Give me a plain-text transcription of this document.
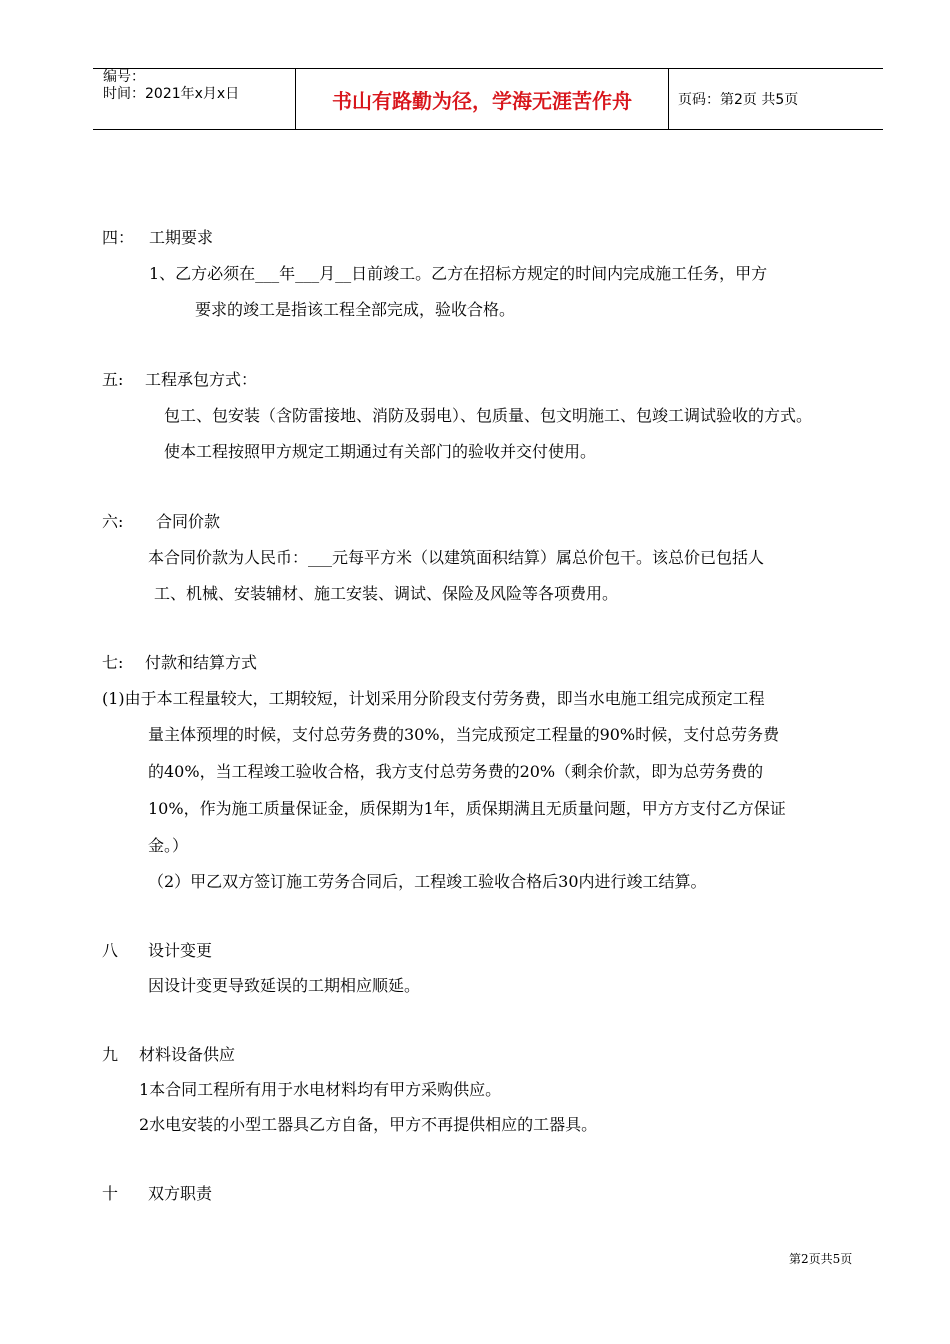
编号：
时间：2021年x月x日	书山有路勤为径，学海无涯苦作舟	页码：第2页 共5页
四： 工期要求
1、乙方必须在___年___月__日前竣工。乙方在招标方规定的时间内完成施工任务，甲方
要求的竣工是指该工程全部完成，验收合格。
五: 工程承包方式：
包工、包安装（含防雷接地、消防及弱电）、包质量、包文明施工、包竣工调试验收的方式。
使本工程按照甲方规定工期通过有关部门的验收并交付使用。
六: 合同价款
本合同价款为人民币：___元每平方米（以建筑面积结算）属总价包干。该总价已包括人
工、机械、安装辅材、施工安装、调试、保险及风险等各项费用。
七: 付款和结算方式
(1)由于本工程量较大，工期较短，计划采用分阶段支付劳务费，即当水电施工组完成预定工程
量主体预埋的时候，支付总劳务费的30%，当完成预定工程量的90%时候，支付总劳务费
的40%，当工程竣工验收合格，我方支付总劳务费的20%（剩余价款，即为总劳务费的
10%，作为施工质量保证金，质保期为1年，质保期满且无质量问题，甲方方支付乙方保证
金。）
（2）甲乙双方签订施工劳务合同后，工程竣工验收合格后30内进行竣工结算。
八 设计变更
因设计变更导致延误的工期相应顺延。
九 材料设备供应
1本合同工程所有用于水电材料均有甲方采购供应。
2水电安装的小型工器具乙方自备，甲方不再提供相应的工器具。
十 双方职责
第2页共5页
